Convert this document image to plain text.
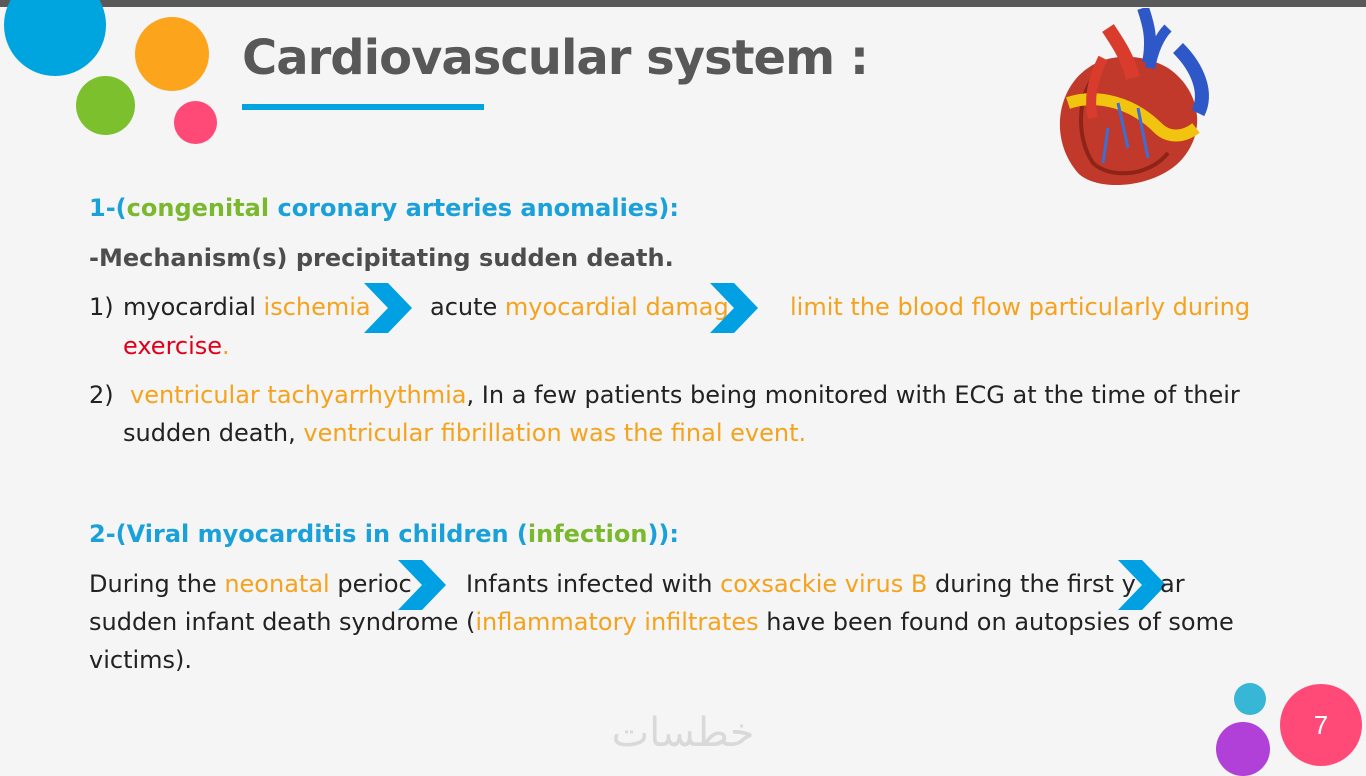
Cardiovascular system :
1-(congenital coronary arteries anomalies):
-Mechanism(s) precipitating sudden death.
1) myocardial ischemia acute myocardial damag	limit the blood flow particularly during
exercise.
2) ventricular tachyarrhythmia, In a few patients being monitored with ECG at the time of their
sudden death, ventricular fibrillation was the final event.
2-(Viral myocarditis in children (infection)):
During the neonatal perioc Infants infected with coxsackie virus B during the first y ar
sudden infant death syndrome (inflammatory infiltrates have been found on autopsies of some
victims).
خطسات	7
